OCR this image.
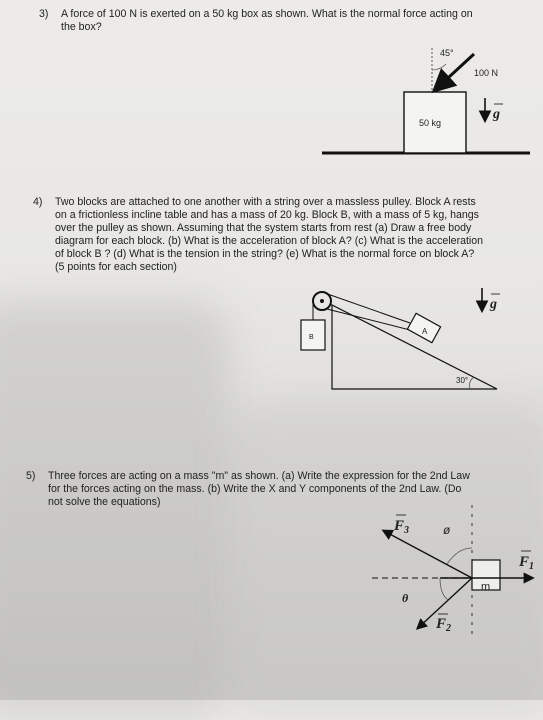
3) A force of 100 N is exerted on a 50 kg box as shown. What is the normal force acting on
the box?
4) Two blocks are attached to one another with a string over a massless pulley. Block A rests
on a frictionless incline table and has a mass of 20 kg. Block B, with a mass of 5 kg, hangs
over the pulley as shown. Assuming that the system starts from rest (a) Draw a free body
diagram for each block. (b) What is the acceleration of block A? (c) What is the acceleration
of block B ? (d) What is the tension in the string? (e) What is the normal force on block A?
(5 points for each section)
5) Three forces are acting on a mass "m" as shown. (a) Write the expression for the 2nd Law
for the forces acting on the mass. (b) Write the X and Y components of the 2nd Law. (Do
not solve the equations)
50 kg
45°
100 N
g
B
A
30°
g
m
ø
θ
$F_3$
$F_1$
$F_2$
